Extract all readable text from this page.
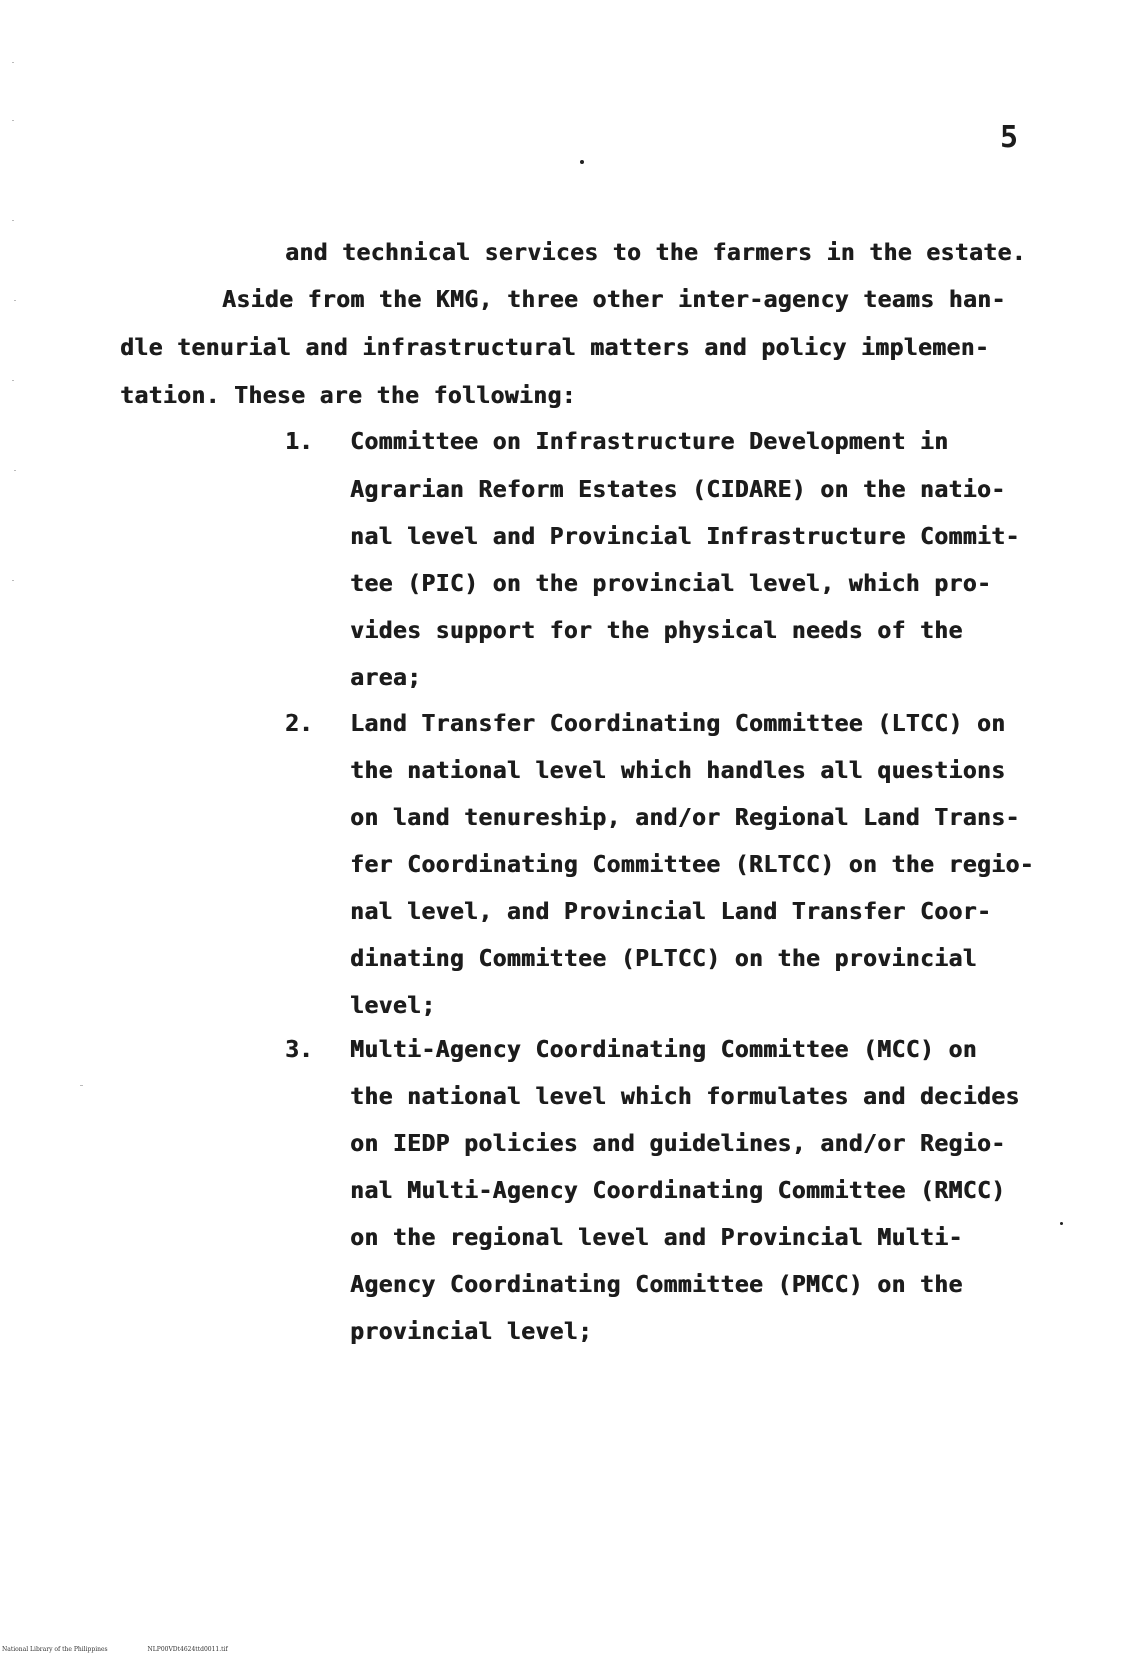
5
and technical services to the farmers in the estate.
Aside from the KMG, three other inter-agency teams han-
dle tenurial and infrastructural matters and policy implemen-
tation. These are the following:
1. Committee on Infrastructure Development in
Agrarian Reform Estates (CIDARE) on the natio-
nal level and Provincial Infrastructure Commit-
tee (PIC) on the provincial level, which pro-
vides support for the physical needs of the
area;
2. Land Transfer Coordinating Committee (LTCC) on
the national level which handles all questions
on land tenureship, and/or Regional Land Trans-
fer Coordinating Committee (RLTCC) on the regio-
nal level, and Provincial Land Transfer Coor-
dinating Committee (PLTCC) on the provincial
level;
3. Multi-Agency Coordinating Committee (MCC) on
the national level which formulates and decides
on IEDP policies and guidelines, and/or Regio-
nal Multi-Agency Coordinating Committee (RMCC)
on the regional level and Provincial Multi-
Agency Coordinating Committee (PMCC) on the
provincial level;
National Library of the Philippines	NLP00VDt4624ttd0011.tif
